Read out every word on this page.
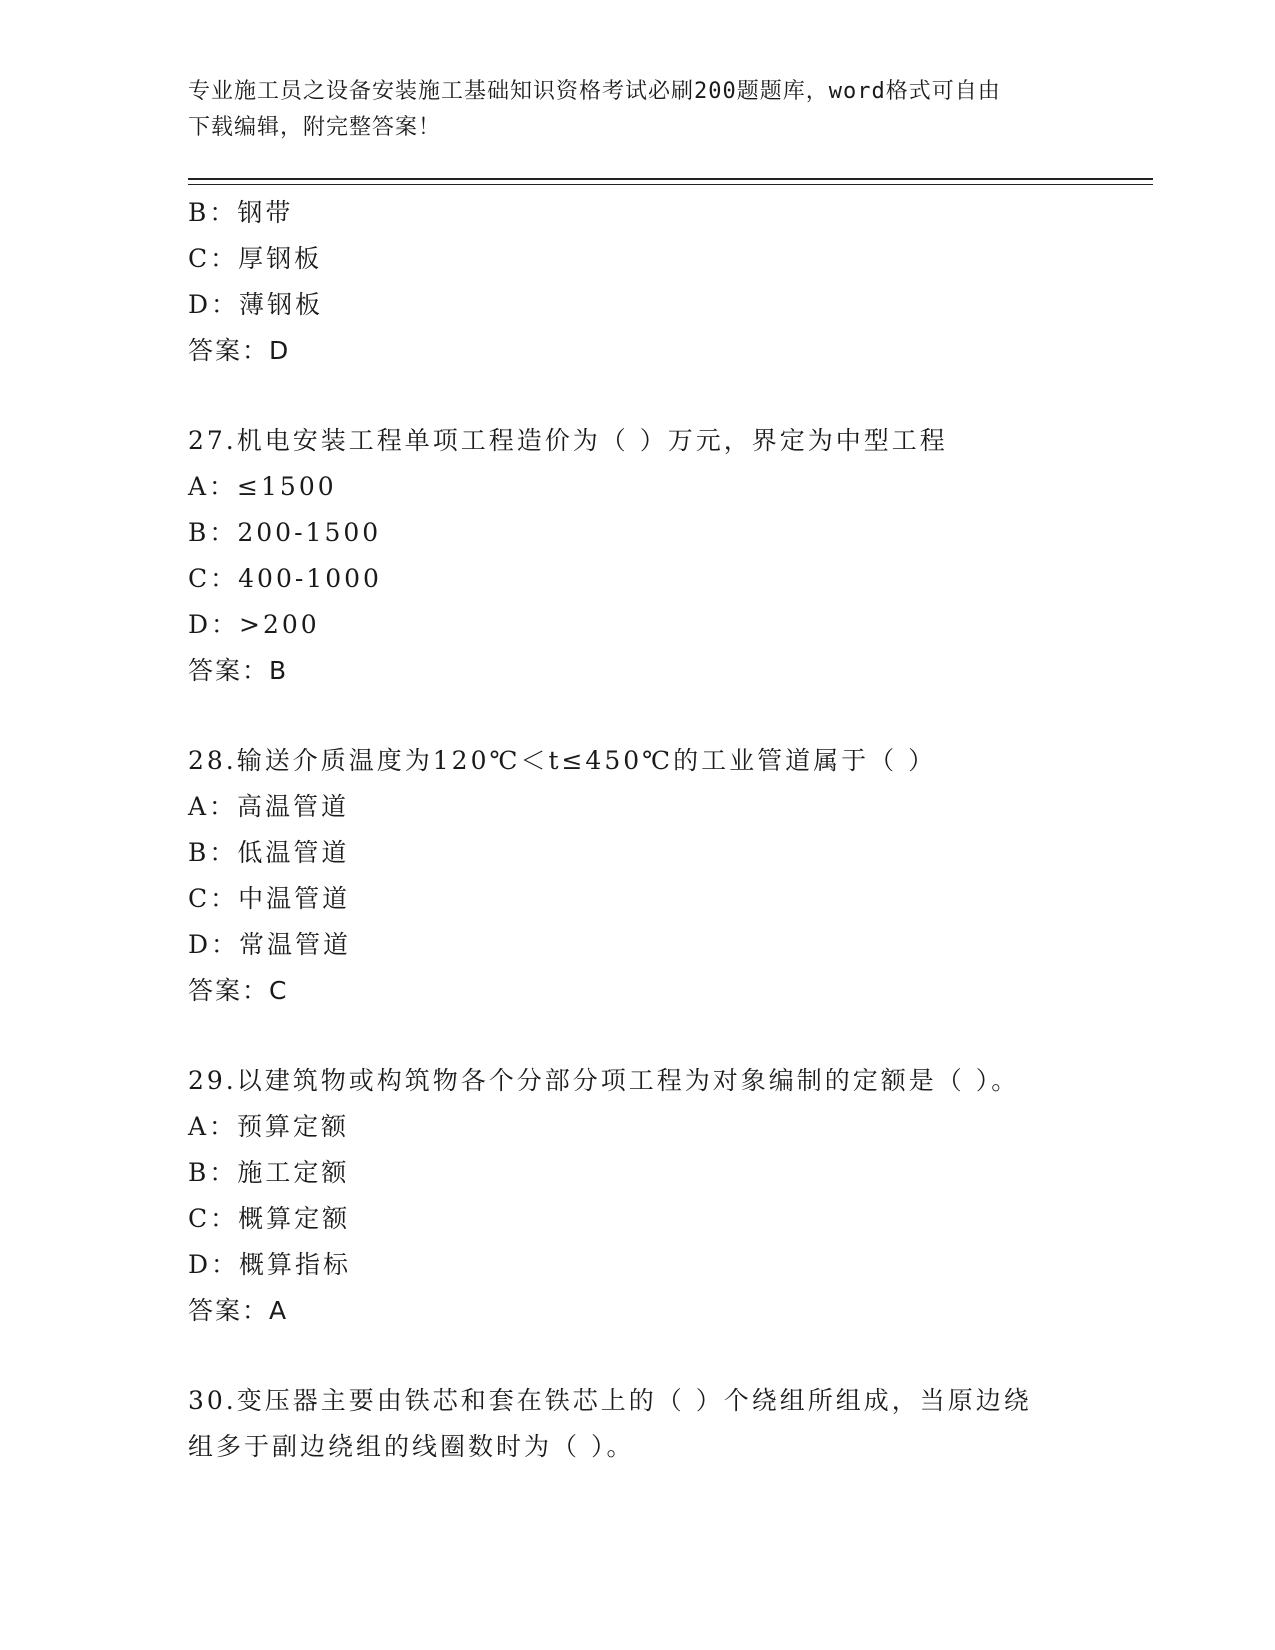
专业施工员之设备安装施工基础知识资格考试必刷200题题库，word格式可自由
下载编辑，附完整答案！
B：钢带
C：厚钢板
D：薄钢板
答案：D
27.机电安装工程单项工程造价为（ ）万元，界定为中型工程
A：≤1500
B：200-1500
C：400-1000
D：>200
答案：B
28.输送介质温度为120℃＜t≤450℃的工业管道属于（ ）
A：高温管道
B：低温管道
C：中温管道
D：常温管道
答案：C
29.以建筑物或构筑物各个分部分项工程为对象编制的定额是（ ）。
A：预算定额
B：施工定额
C：概算定额
D：概算指标
答案：A
30.变压器主要由铁芯和套在铁芯上的（ ）个绕组所组成，当原边绕
组多于副边绕组的线圈数时为（ ）。
